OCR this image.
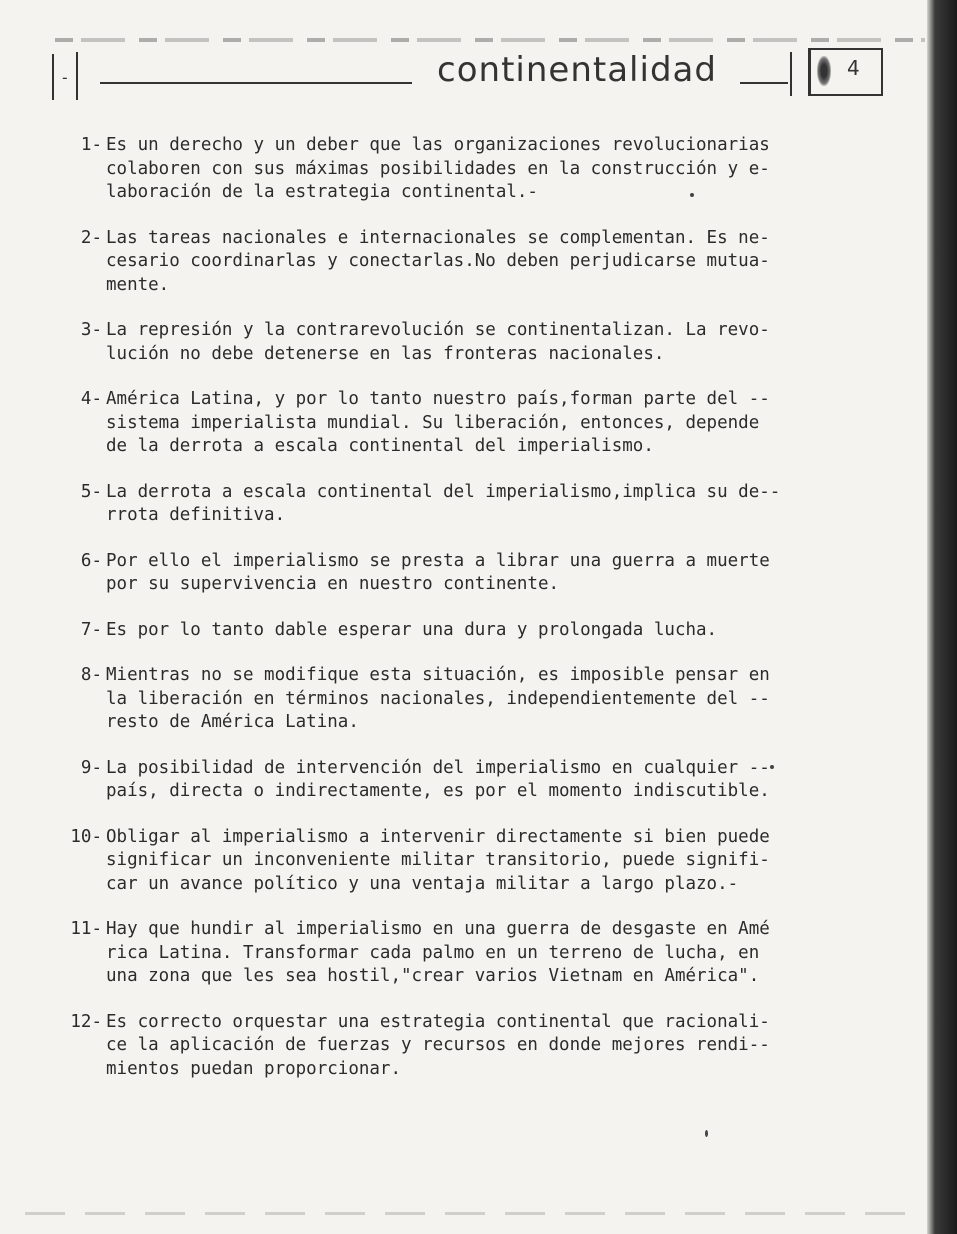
-	continentalidad	4
1- Es un derecho y un deber que las organizaciones revolucionarias
colaboren con sus máximas posibilidades en la construcción y e-
laboración de la estrategia continental.-
2- Las tareas nacionales e internacionales se complementan. Es ne-
cesario coordinarlas y conectarlas.No deben perjudicarse mutua-
mente.
3- La represión y la contrarevolución se continentalizan. La revo-
lución no debe detenerse en las fronteras nacionales.
4- América Latina, y por lo tanto nuestro país,forman parte del --
sistema imperialista mundial. Su liberación, entonces, depende
de la derrota a escala continental del imperialismo.
5- La derrota a escala continental del imperialismo,implica su de--
rrota definitiva.
6- Por ello el imperialismo se presta a librar una guerra a muerte
por su supervivencia en nuestro continente.
7- Es por lo tanto dable esperar una dura y prolongada lucha.
8- Mientras no se modifique esta situación, es imposible pensar en
la liberación en términos nacionales, independientemente del --
resto de América Latina.
9- La posibilidad de intervención del imperialismo en cualquier --
país, directa o indirectamente, es por el momento indiscutible.
10- Obligar al imperialismo a intervenir directamente si bien puede
significar un inconveniente militar transitorio, puede signifi-
car un avance político y una ventaja militar a largo plazo.-
11- Hay que hundir al imperialismo en una guerra de desgaste en Amé
rica Latina. Transformar cada palmo en un terreno de lucha, en
una zona que les sea hostil,"crear varios Vietnam en América".
12- Es correcto orquestar una estrategia continental que racionali-
ce la aplicación de fuerzas y recursos en donde mejores rendi--
mientos puedan proporcionar.
